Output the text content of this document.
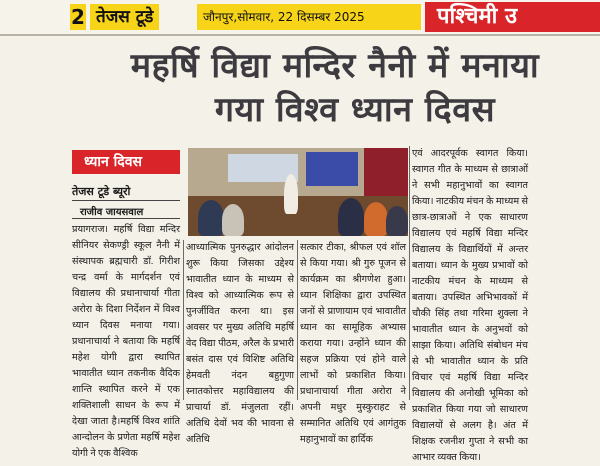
2 तेजस टूडे	जौनपुर,सोमवार, 22 दिसम्बर 2025	पश्चिमी उ
महर्षि विद्या मन्दिर नैनी में मनाया
गया विश्व ध्यान दिवस
ध्यान दिवस
तेजस टूडे ब्यूरो
राजीव जायसवाल

प्रयागराज। महर्षि विद्या मन्दिर सीनियर सेकण्ड्री स्कूल नैनी में संस्थापक ब्रह्मचारी डॉ. गिरीश चन्द्र वर्मा के मार्गदर्शन एवं विद्यालय की प्रधानाचार्या गीता अरोरा के दिशा निर्देशन में विश्व ध्यान दिवस मनाया गया।प्रधानाचार्या ने बताया कि महर्षि महेश योगी द्वारा स्थापित भावातीत ध्यान तकनीक वैदिक शान्ति स्थापित करने में एक शक्तिशाली साधन के रूप में देखा जाता है।महर्षि विश्व शांति आन्दोलन के प्रणेता महर्षि महेश योगी ने एक वैश्विक

आध्यात्मिक पुनरुद्धार आंदोलन शुरू किया जिसका उद्देश्य भावातीत ध्यान के माध्यम से विश्व को आध्यात्मिक रूप से पुनर्जीवित करना था। इस अवसर पर मुख्य अतिथि महर्षि वेद विद्या पीठम, अरैल के प्रभारी बसंत दास एवं विशिष्ट अतिथि हेमवती नंदन बहुगुणा स्नातकोत्तर महाविद्यालय की प्राचार्या डॉ. मंजुलता रहीं। अतिथि देवों भव की भावना से अतिथि

सत्कार टीका, श्रीफल एवं शॉल से किया गया। श्री गुरु पूजन से कार्यक्रम का श्रीगणेश हुआ। ध्यान शिक्षिका द्वारा उपस्थित जनों से प्राणायाम एवं भावातीत ध्यान का सामूहिक अभ्यास कराया गया। उन्होंने ध्यान की सहज प्रक्रिया एवं होने वाले लाभों को प्रकाशित किया। प्रधानाचार्या गीता अरोरा ने अपनी मधुर मुस्कुराहट से सम्मानित अतिथि एवं आगंतुक महानुभावों का हार्दिक

एवं आदरपूर्वक स्वागत किया। स्वागत गीत के माध्यम से छात्राओं ने सभी महानुभावों का स्वागत किया। नाटकीय मंचन के माध्यम से छात्र-छात्राओं ने एक साधारण विद्यालय एवं महर्षि विद्या मन्दिर विद्यालय के विद्यार्थियों में अन्तर बताया। ध्यान के मुख्य प्रभावों को नाटकीय मंचन के माध्यम से बताया। उपस्थित अभिभावकों में चौकी सिंह तथा गरिमा शुक्ला ने भावातीत ध्यान के अनुभवों को साझा किया। अतिथि संबोधन मंच से भी भावातीत ध्यान के प्रति विचार एवं महर्षि विद्या मन्दिर विद्यालय की अनोखी भूमिका को प्रकाशित किया गया जो साधारण विद्यालयों से अलग है। अंत में शिक्षक रजनीश गुप्ता ने सभी का आभार व्यक्त किया।
